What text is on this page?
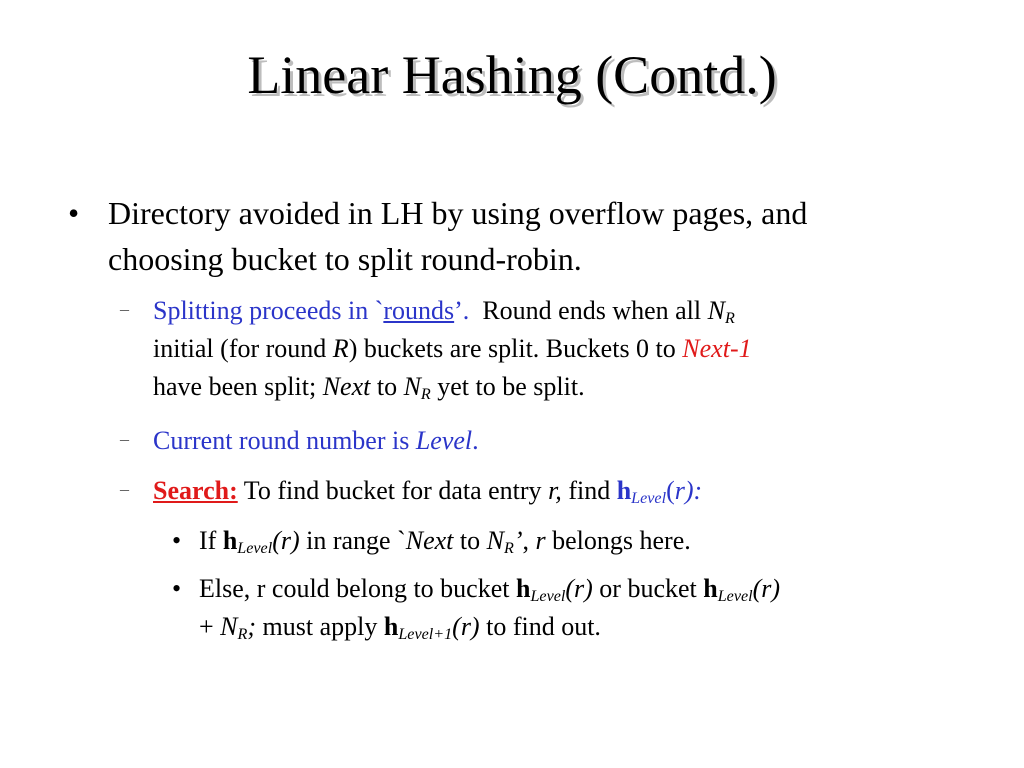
Linear Hashing (Contd.)
• Directory avoided in LH by using overflow pages, and
choosing bucket to split round-robin.
– Splitting proceeds in `rounds’. Round ends when all $N_R$
initial (for round R) buckets are split. Buckets 0 to Next-1
have been split; Next to $N_R$ yet to be split.
– Current round number is Level.
– Search: To find bucket for data entry r, find $h_{Level}(r)$:
• If $h_{Level}(r)$ in range `Next to $N_R$’, r belongs here.
• Else, r could belong to bucket $h_{Level}(r)$ or bucket $h_{Level}(r)$
+ $N_R$; must apply $h_{Level+1}(r)$ to find out.
